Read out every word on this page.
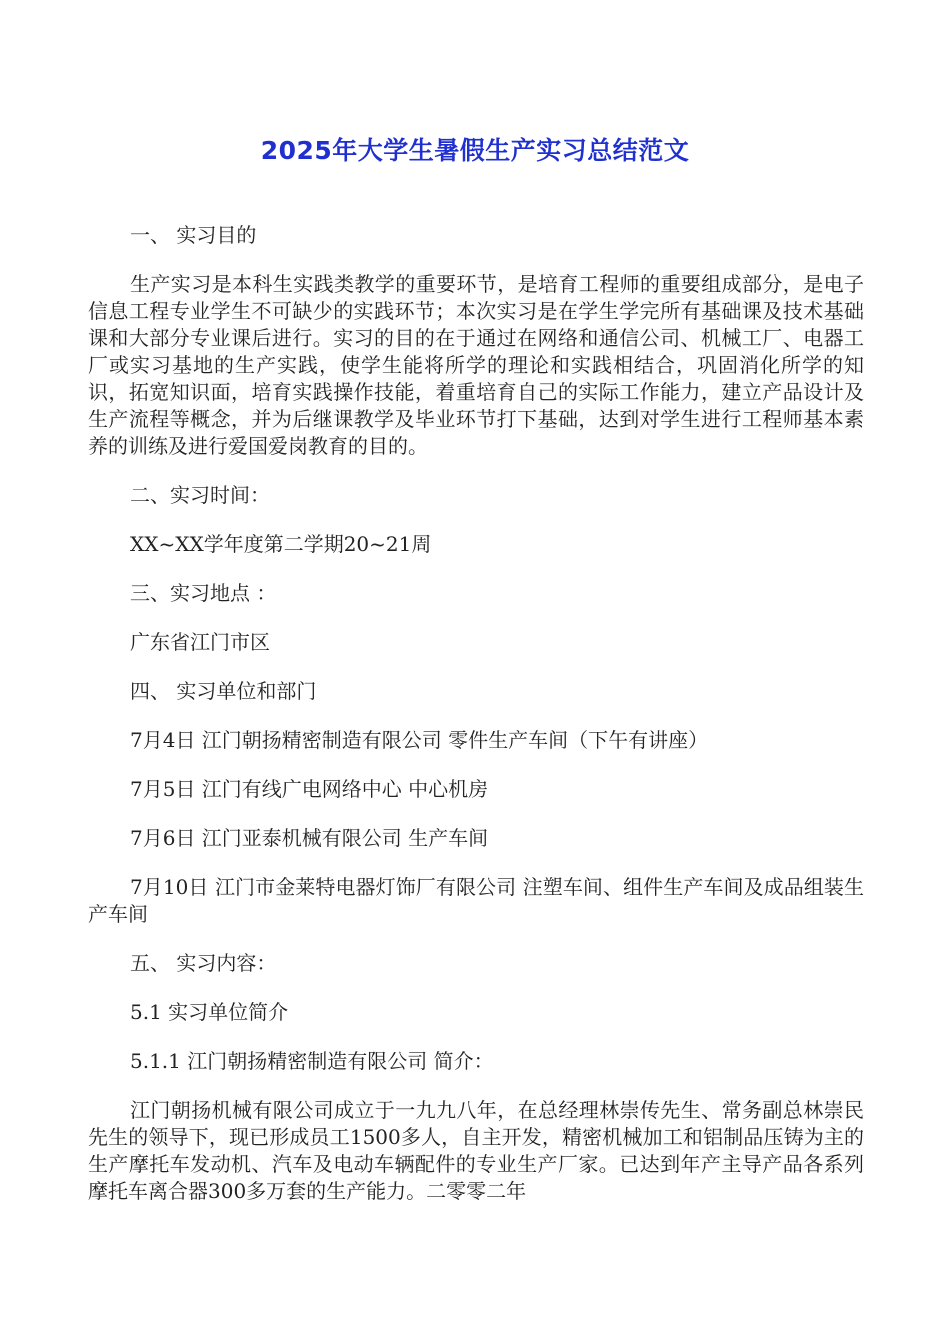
2025年大学生暑假生产实习总结范文

一、 实习目的

生产实习是本科生实践类教学的重要环节，是培育工程师的重要组成部分，是电子信息工程专业学生不可缺少的实践环节；本次实习是在学生学完所有基础课及技术基础课和大部分专业课后进行。实习的目的在于通过在网络和通信公司、机械工厂、电器工厂或实习基地的生产实践，使学生能将所学的理论和实践相结合，巩固消化所学的知识，拓宽知识面，培育实践操作技能，着重培育自己的实际工作能力，建立产品设计及生产流程等概念，并为后继课教学及毕业环节打下基础，达到对学生进行工程师基本素养的训练及进行爱国爱岗教育的目的。

二、实习时间：

XX~XX学年度第二学期20~21周

三、实习地点 ：

广东省江门市区

四、 实习单位和部门

7月4日 江门朝扬精密制造有限公司 零件生产车间（下午有讲座）

7月5日 江门有线广电网络中心 中心机房

7月6日 江门亚泰机械有限公司 生产车间

7月10日 江门市金莱特电器灯饰厂有限公司 注塑车间、组件生产车间及成品组装生产车间

五、 实习内容：

5.1 实习单位简介

5.1.1 江门朝扬精密制造有限公司 简介：

江门朝扬机械有限公司成立于一九九八年，在总经理林崇传先生、常务副总林崇民先生的领导下，现已形成员工1500多人，自主开发，精密机械加工和铝制品压铸为主的生产摩托车发动机、汽车及电动车辆配件的专业生产厂家。已达到年产主导产品各系列摩托车离合器300多万套的生产能力。二零零二年
